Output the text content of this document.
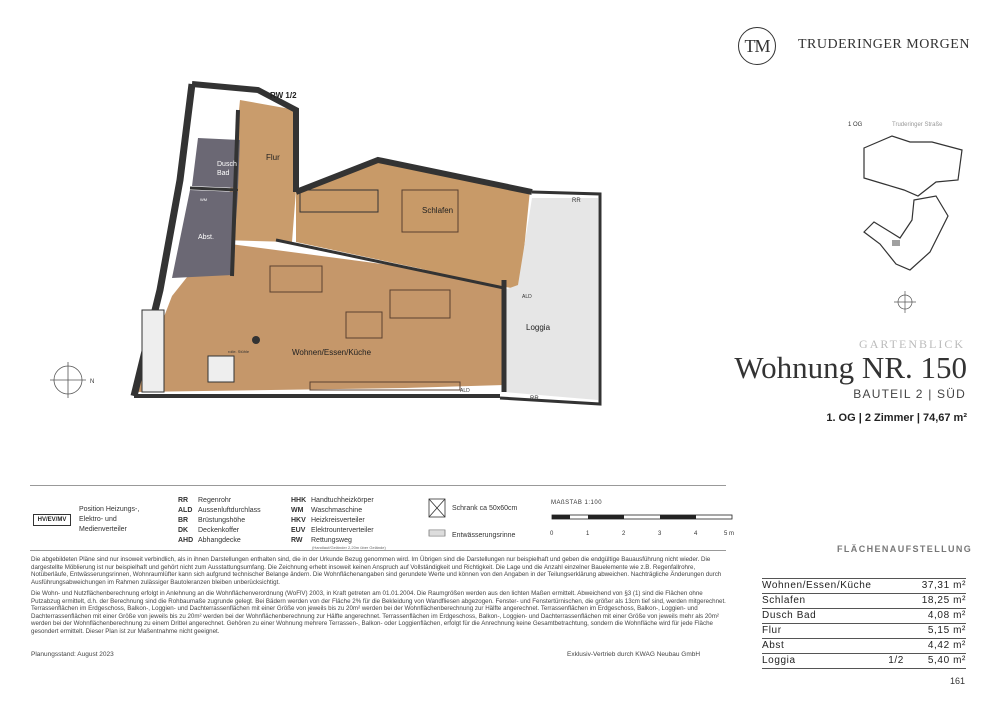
TM TRUDERINGER MORGEN
Dusch
Bad
Flur
Schlafen
Abst.
Wohnen/Essen/Küche
Loggia
RW 1/2
RR
RR
ALD
ALD
rolle. Stühle
WM
N
1 OG	Truderinger Straße
GARTENBLICK
Wohnung NR. 150
BAUTEIL 2 | SÜD
1. OG | 2 Zimmer | 74,67 m²
HV/EV/MV
Position Heizungs-,
Elektro- und
Medienverteiler
RR Regenrohr
ALD Aussenluftdurchlass
BR Brüstungshöhe
DK Deckenkoffer
AHD Abhangdecke
HHK Handtuchheizkörper
WM Waschmaschine
HKV Heizkreisverteiler
EUV Elektrounterverteiler
RW Rettungsweg
(Handlauf/Geländer 2,20m über Gelände)
Schrank ca 50x60cm
Entwässerungsrinne
MAßSTAB 1:100
0	1	2	3	4	5 m
Die abgebildeten Pläne sind nur insoweit verbindlich, als in ihnen Darstellungen enthalten sind, die in der Urkunde Bezug genommen wird. Im Übrigen sind die Darstellungen nur beispielhaft und geben die endgültige Bauausführung nicht wieder. Die dargestellte Möblierung ist nur beispielhaft und gehört nicht zum Ausstattungsumfang. Die Zeichnung erhebt insoweit keinen Anspruch auf Vollständigkeit und Richtigkeit. Die Lage und die Anzahl einzelner Bauelemente wie z.B. Regenfallrohre, Notüberläufe, Entwässerungsrinnen, Wohnraumlüfter kann sich aufgrund technischer Belange ändern. Die Wohnflächenangaben sind gerundete Werte und können von den Angaben in der Teilungserklärung abweichen. Nachträgliche Änderungen durch Ausführungsabweichungen im Rahmen zulässiger Bautoleranzen bleiben unberücksichtigt.
Die Wohn- und Nutzflächenberechnung erfolgt in Anlehnung an die Wohnflächenverordnung (WoFlV) 2003, in Kraft getreten am 01.01.2004. Die Raumgrößen werden aus den lichten Maßen ermittelt. Abweichend von §3 (1) sind die Flächen ohne Putzabzug ermittelt, d.h. der Berechnung sind die Rohbaumaße zugrunde gelegt. Bei Bädern werden von der Fläche 2% für die Bekleidung von Wandfliesen abgezogen. Fenster- und Fenstertürnischen, die größer als 13cm tief sind, werden mitgerechnet. Terrassenflächen im Erdgeschoss, Balkon-, Loggien- und Dachterrassenflächen mit einer Größe von jeweils bis zu 20m² werden bei der Wohnflächenberechnung zur Hälfte angerechnet. Terrassenflächen im Erdgeschoss, Balkon-, Loggien- und Dachterrassenflächen mit einer Größe von jeweils bis zu 20m² werden bei der Wohnflächenberechnung zur Hälfte angerechnet. Terrassenflächen im Erdgeschoss, Balkon-, Loggien- und Dachterrassenflächen mit einer Größe von jeweils mehr als 20m² werden bei der Wohnflächenberechnung zu einem Drittel angerechnet. Gehören zu einer Wohnung mehrere Terrassen-, Balkon- oder Loggienflächen, erfolgt für die Anrechnung keine Gesamtbetrachtung, sondern die Wohnfläche wird für jede Fläche gesondert ermittelt. Dieser Plan ist zur Maßentnahme nicht geeignet.
Planungsstand: August 2023	Exklusiv-Vertrieb durch KWAG Neubau GmbH
FLÄCHENAUFSTELLUNG
Wohnen/Essen/Küche	37,31 m²
Schlafen	18,25 m²
Dusch Bad	4,08 m²
Flur	5,15 m²
Abst	4,42 m²
Loggia	1/2	5,40 m²
161
